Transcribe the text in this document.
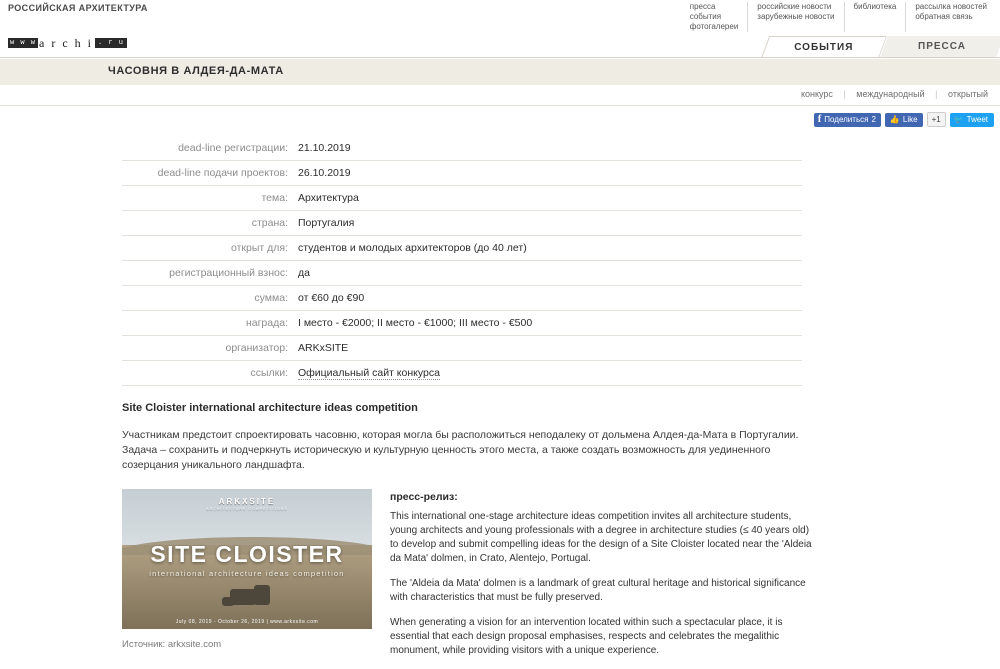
РОССИЙСКАЯ АРХИТЕКТУРА	пресса
события
фотогалереи
российские новости
зарубежные новости
библиотека рассылка новостей
обратная связь
w w w a r c h i . r u	СОБЫТИЯ	ПРЕССА
ЧАСОВНЯ В АЛДЕЯ-ДА-МАТА
конкурс | международный | открытый
f Поделиться 2 👍 Like	+1	🐦 Tweet
dead-line регистрации:	21.10.2019
dead-line подачи проектов:	26.10.2019
тема:	Архитектура
страна:	Португалия
открыт для:	студентов и молодых архитекторов (до 40 лет)
регистрационный взнос:	да
сумма:	от €60 до €90
награда:	I место - €2000; II место - €1000; III место - €500
организатор:	ARKxSITE
ссылки:	Официальный сайт конкурса
Site Cloister international architecture ideas competition
Участникам предстоит спроектировать часовню, которая могла бы расположиться неподалеку от дольмена Алдея-да-Мата в Португалии. Задача – сохранить и подчеркнуть историческую и культурную ценность этого места, а также создать возможность для уединенного созерцания уникального ландшафта.
ARKXSITE
ARCHITECTURE COMPETITIONS
SITE CLOISTER
international architecture ideas competition
July 08, 2019 - October 26, 2019 | www.arkxsite.com
Источник: arkxsite.com
пресс-релиз:

This international one-stage architecture ideas competition invites all architecture students, young architects and young professionals with a degree in architecture studies (≤ 40 years old) to develop and submit compelling ideas for the design of a Site Cloister located near the 'Aldeia da Mata' dolmen, in Crato, Alentejo, Portugal.

The 'Aldeia da Mata' dolmen is a landmark of great cultural heritage and historical significance with characteristics that must be fully preserved.

When generating a vision for an intervention located within such a spectacular place, it is essential that each design proposal emphasises, respects and celebrates the megalithic monument, while providing visitors with a unique experience.
